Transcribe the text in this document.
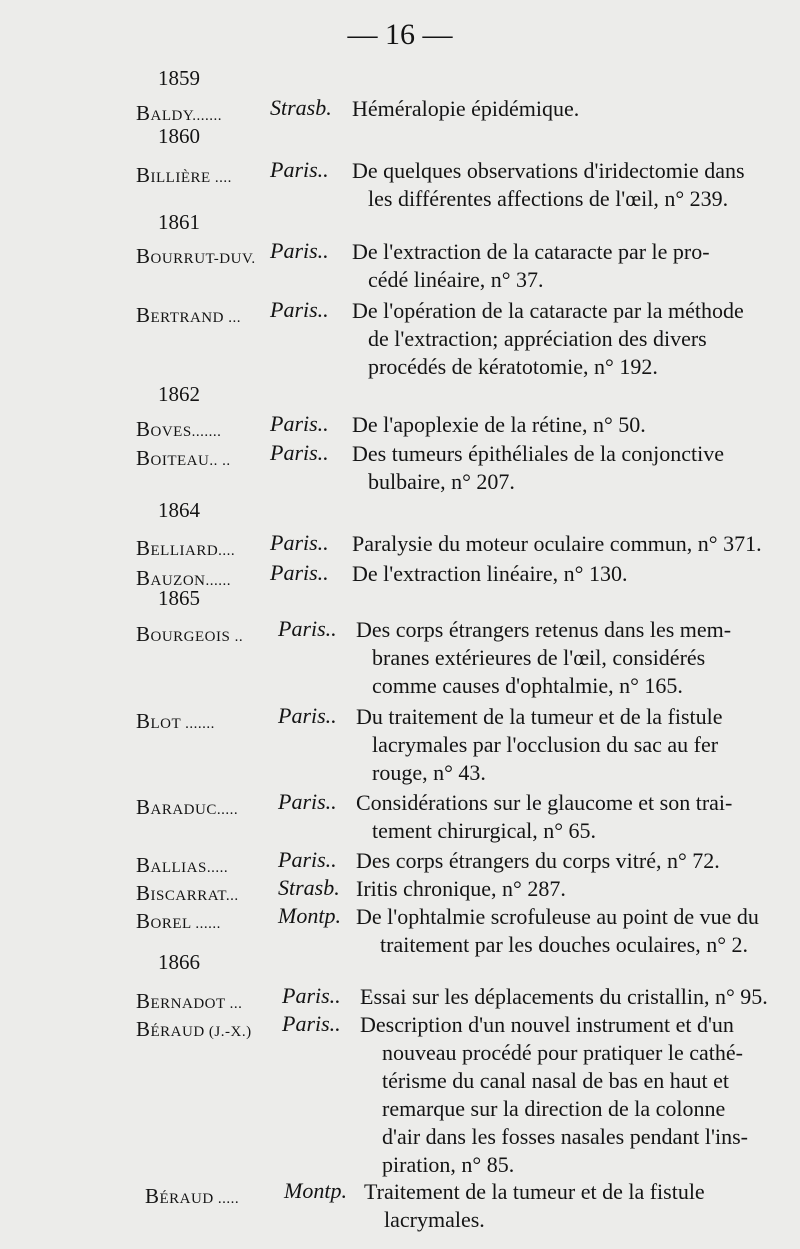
— 16 —
1859
1860
1861
1862
1864
1865
1866
BALDY....... Strasb. Héméralopie épidémique.
BILLIÈRE .... Paris.. De quelques observations d'iridectomie dans
les différentes affections de l'œil, n° 239.
BOURRUT-DUV. Paris.. De l'extraction de la cataracte par le pro-
cédé linéaire, n° 37.
BERTRAND ... Paris.. De l'opération de la cataracte par la méthode
de l'extraction; appréciation des divers
procédés de kératotomie, n° 192.
BOVES....... Paris.. De l'apoplexie de la rétine, n° 50.
BOITEAU.. .. Paris.. Des tumeurs épithéliales de la conjonctive
bulbaire, n° 207.
BELLIARD.... Paris.. Paralysie du moteur oculaire commun, n° 371.
BAUZON...... Paris.. De l'extraction linéaire, n° 130.
BOURGEOIS .. Paris.. Des corps étrangers retenus dans les mem-
branes extérieures de l'œil, considérés
comme causes d'ophtalmie, n° 165.
BLOT .......	Paris.. Du traitement de la tumeur et de la fistule
lacrymales par l'occlusion du sac au fer
rouge, n° 43.
BARADUC..... Paris.. Considérations sur le glaucome et son trai-
tement chirurgical, n° 65.
BALLIAS..... Paris.. Des corps étrangers du corps vitré, n° 72.
BISCARRAT... Strasb. Iritis chronique, n° 287.
BOREL ......	Montp. De l'ophtalmie scrofuleuse au point de vue du
traitement par les douches oculaires, n° 2.
BERNADOT ... Paris.. Essai sur les déplacements du cristallin, n° 95.
BÉRAUD (J.-X.) Paris.. Description d'un nouvel instrument et d'un
nouveau procédé pour pratiquer le cathé-
térisme du canal nasal de bas en haut et
remarque sur la direction de la colonne
d'air dans les fosses nasales pendant l'ins-
piration, n° 85.
BÉRAUD ..... Montp. Traitement de la tumeur et de la fistule
lacrymales.
